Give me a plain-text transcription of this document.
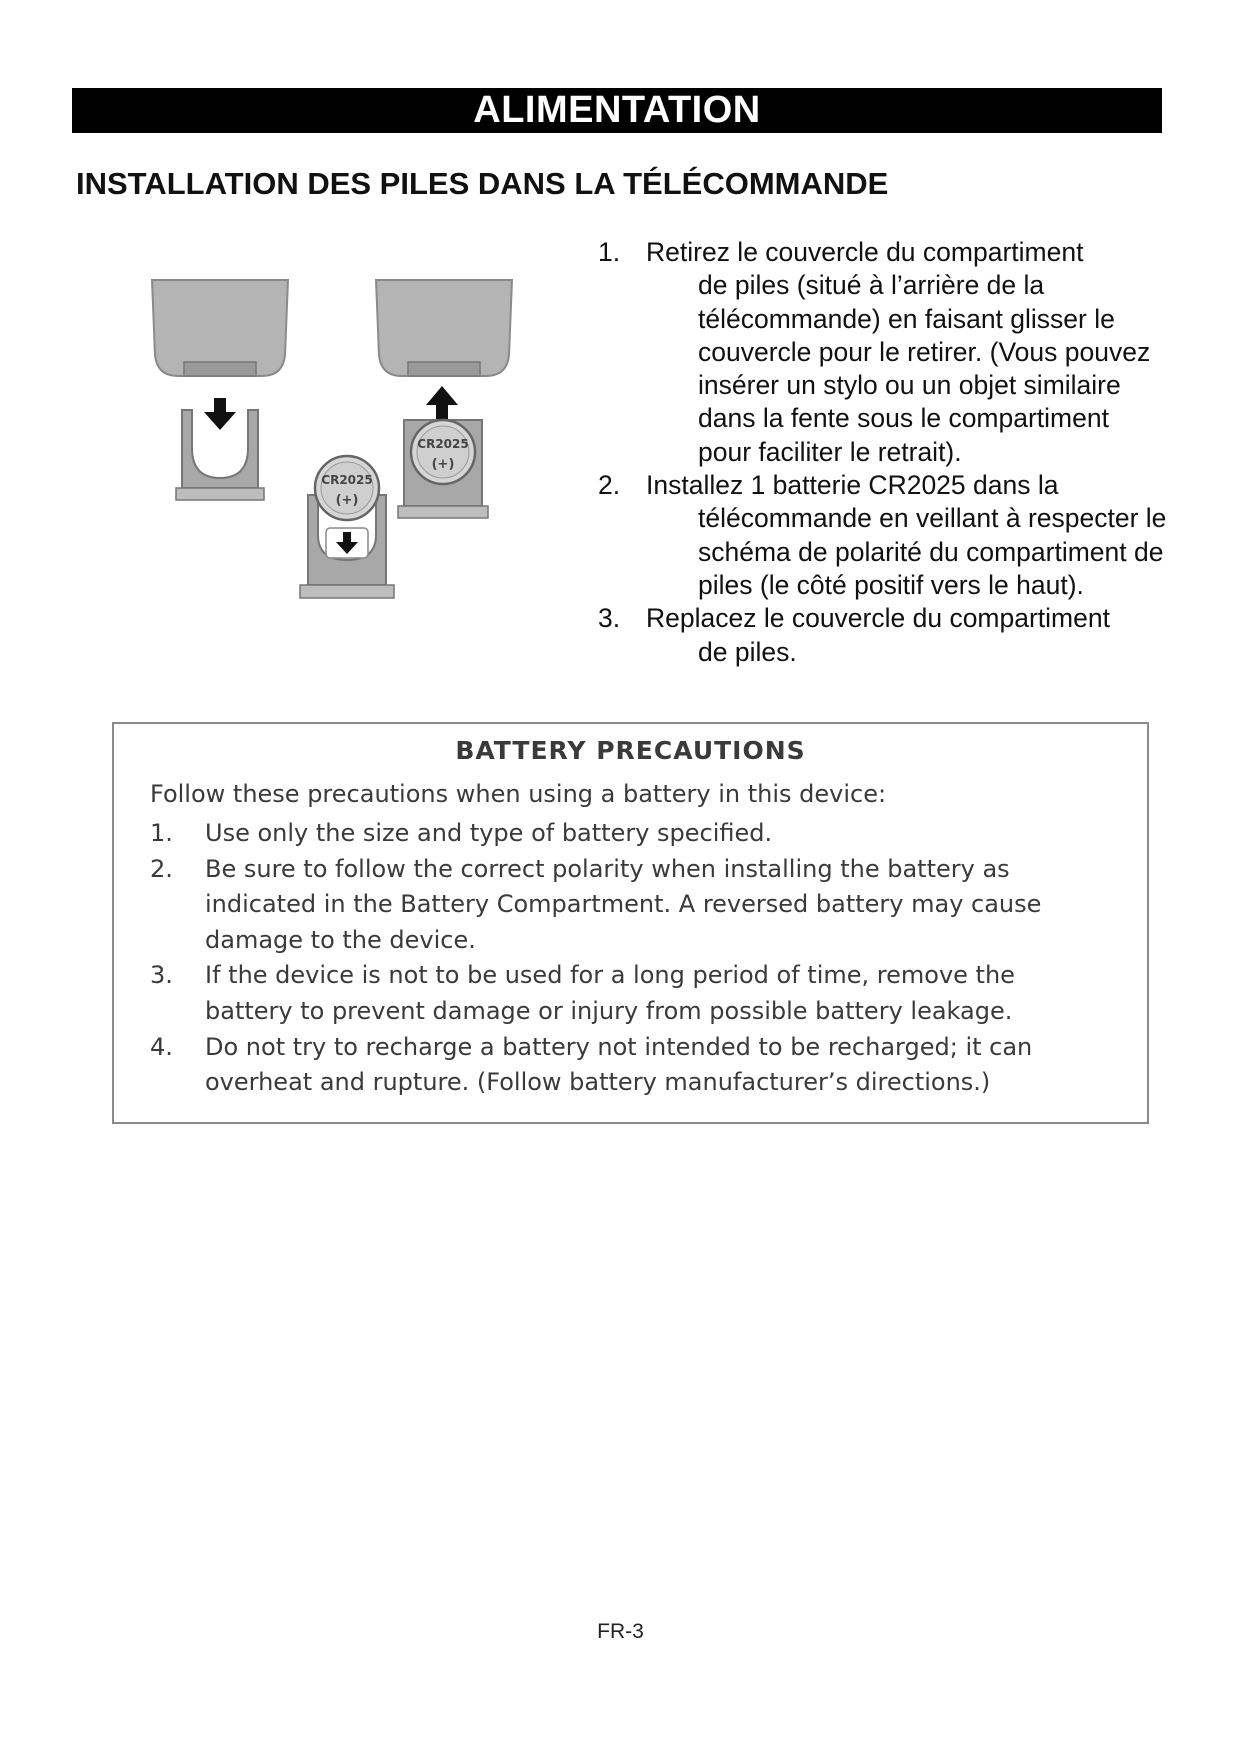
ALIMENTATION
INSTALLATION DES PILES DANS LA TÉLÉCOMMANDE
CR2025
(+)
CR2025
(+)
1. Retirez le couvercle du compartiment
de piles (situé à l’arrière de la
télécommande) en faisant glisser le
couvercle pour le retirer. (Vous pouvez
insérer un stylo ou un objet similaire
dans la fente sous le compartiment
pour faciliter le retrait).
2. Installez 1 batterie CR2025 dans la
télécommande en veillant à respecter le
schéma de polarité du compartiment de
piles (le côté positif vers le haut).
3. Replacez le couvercle du compartiment
de piles.
BATTERY PRECAUTIONS
Follow these precautions when using a battery in this device:
1. Use only the size and type of battery specified.
2. Be sure to follow the correct polarity when installing the battery as
indicated in the Battery Compartment. A reversed battery may cause
damage to the device.
3. If the device is not to be used for a long period of time, remove the
battery to prevent damage or injury from possible battery leakage.
4. Do not try to recharge a battery not intended to be recharged; it can
overheat and rupture. (Follow battery manufacturer’s directions.)
FR-3
